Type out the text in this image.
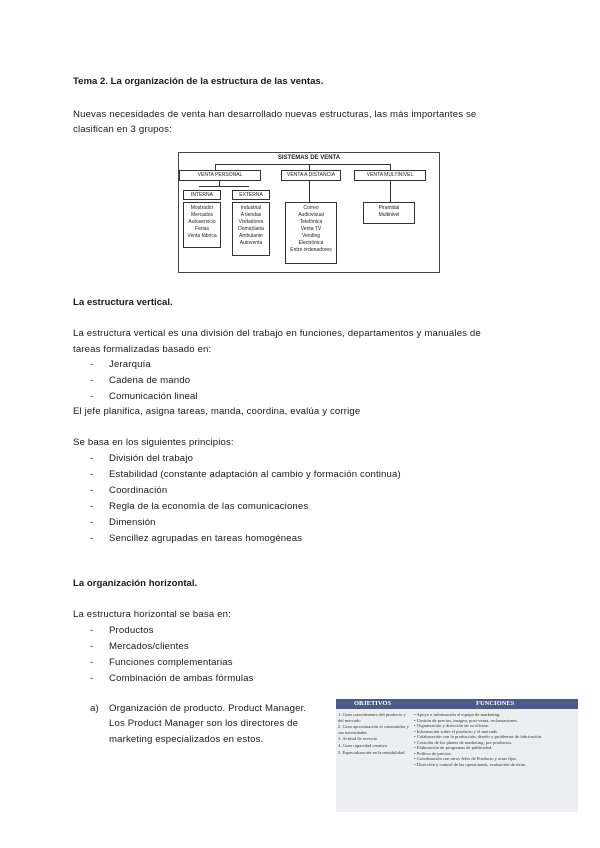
Tema 2. La organización de la estructura de las ventas.

Nuevas necesidades de venta han desarrollado nuevas estructuras, las más importantes se

clasifican en 3 grupos:

SISTEMAS DE VENTA
VENTA PERSONAL	VENTA A DISTANCIA	VENTA MULTINIVEL
INTERNA	EXTERNA
Mostrador
Mercados
Autoservicio
Ferias
Venta fábrica
Industrial
A tiendas
Visitadores
Domiciliaria
Ambulante
Autoventa
Correo
Audiovisual
Telefónica
Venta TV
Vending
Electrónica
Entre ordenadores
Piramidal
Multinivel

La estructura vertical.

La estructura vertical es una división del trabajo en funciones, departamentos y manuales de

tareas formalizadas basado en:

- Jerarquía
- Cadena de mando
- Comunicación lineal

El jefe planifica, asigna tareas, manda, coordina, evalúa y corrige

Se basa en los siguientes principios:

- División del trabajo
- Estabilidad (constante adaptación al cambio y formación continua)
- Coordinación
- Regla de la economía de las comunicaciones
- Dimensión
- Sencillez agrupadas en tareas homogéneas

La organización horizontal.

La estructura horizontal se basa en:

- Productos
- Mercados/clientes
- Funciones complementarias
- Combinación de ambas fórmulas

a) Organización de producto. Product Manager.

Los Product Manager son los directores de

marketing especializados en estos.

OBJETIVOS	FUNCIONES
1. Gran conocimiento del producto y del mercado
2. Gran aproximación al consumidor y sus necesidades
3. Actitud de servicio
4. Gran capacidad creativa
5. Especialización en la rentabilidad
• Apoyo e información al equipo de marketing.
• Gestión de precios, imagen, post-venta, reclamaciones.
• Organización y dirección de su oficina.
• Información sobre el producto y el mercado.
• Colaboración con la producción, diseño y problemas de fabricación.
• Creación de los planes de marketing, por productos.
• Elaboración de programas de publicidad.
• Política de precios.
• Coordinación con otros Jefes de Producto y otras fijas.
• Dirección y control de las operaciones, evaluación de éxito.
